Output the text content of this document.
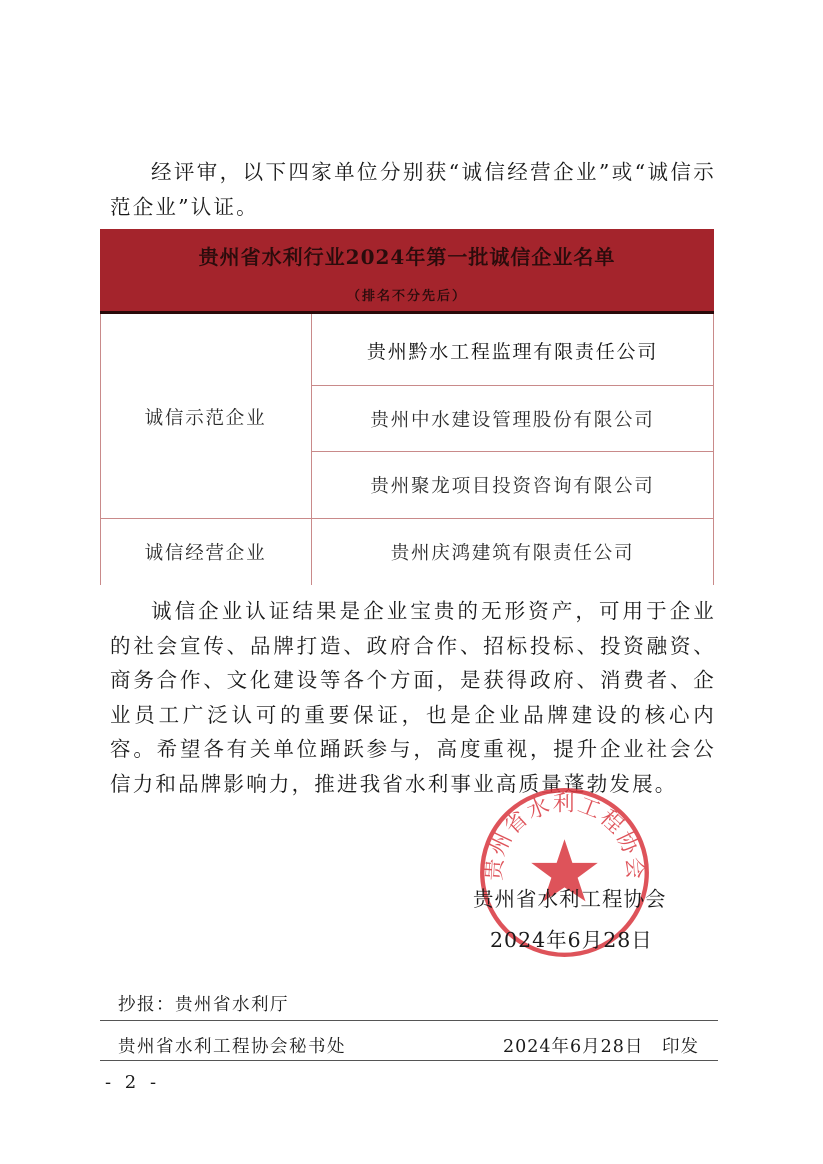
经评审，以下四家单位分别获“诚信经营企业”或“诚信示范企业”认证。

贵州省水利行业2024年第一批诚信企业名单
（排名不分先后）
诚信示范企业
贵州黔水工程监理有限责任公司
贵州中水建设管理股份有限公司
贵州聚龙项目投资咨询有限公司
诚信经营企业	贵州庆鸿建筑有限责任公司

诚信企业认证结果是企业宝贵的无形资产，可用于企业的社会宣传、品牌打造、政府合作、招标投标、投资融资、商务合作、文化建设等各个方面，是获得政府、消费者、企业员工广泛认可的重要保证，也是企业品牌建设的核心内容。希望各有关单位踊跃参与，高度重视，提升企业社会公信力和品牌影响力，推进我省水利事业高质量蓬勃发展。

贵州省水利工程协会
贵州省水利工程协会
2024年6月28日
抄报：贵州省水利厅
贵州省水利工程协会秘书处	2024年6月28日　印发
- 2 -
